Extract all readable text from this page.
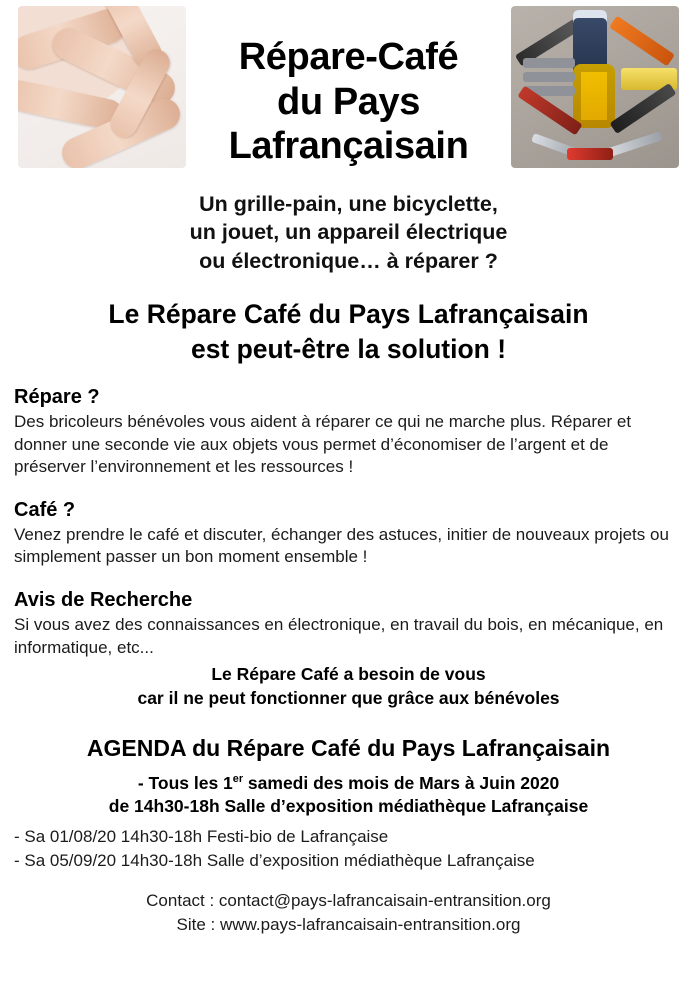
Répare-Café
du Pays
Lafrançaisain
Un grille-pain, une bicyclette,
un jouet, un appareil électrique
ou électronique… à réparer ?
Le Répare Café du Pays Lafrançaisain
est peut-être la solution !
Répare ?

Des bricoleurs bénévoles vous aident à réparer ce qui ne marche plus. Réparer et donner une seconde vie aux objets vous permet d’économiser de l’argent et de préserver l’environnement et les ressources !

Café ?

Venez prendre le café et discuter, échanger des astuces, initier de nouveaux projets ou simplement passer un bon moment ensemble !

Avis de Recherche

Si vous avez des connaissances en électronique, en travail du bois, en mécanique, en informatique, etc...

Le Répare Café a besoin de vous
car il ne peut fonctionner que grâce aux bénévoles
AGENDA du Répare Café du Pays Lafrançaisain
- Tous les 1er samedi des mois de Mars à Juin 2020
de 14h30-18h Salle d’exposition médiathèque Lafrançaise
- Sa 01/08/20 14h30-18h Festi-bio de Lafrançaise
- Sa 05/09/20 14h30-18h Salle d’exposition médiathèque Lafrançaise
Contact : contact@pays-lafrancaisain-entransition.org
Site : www.pays-lafrancaisain-entransition.org
